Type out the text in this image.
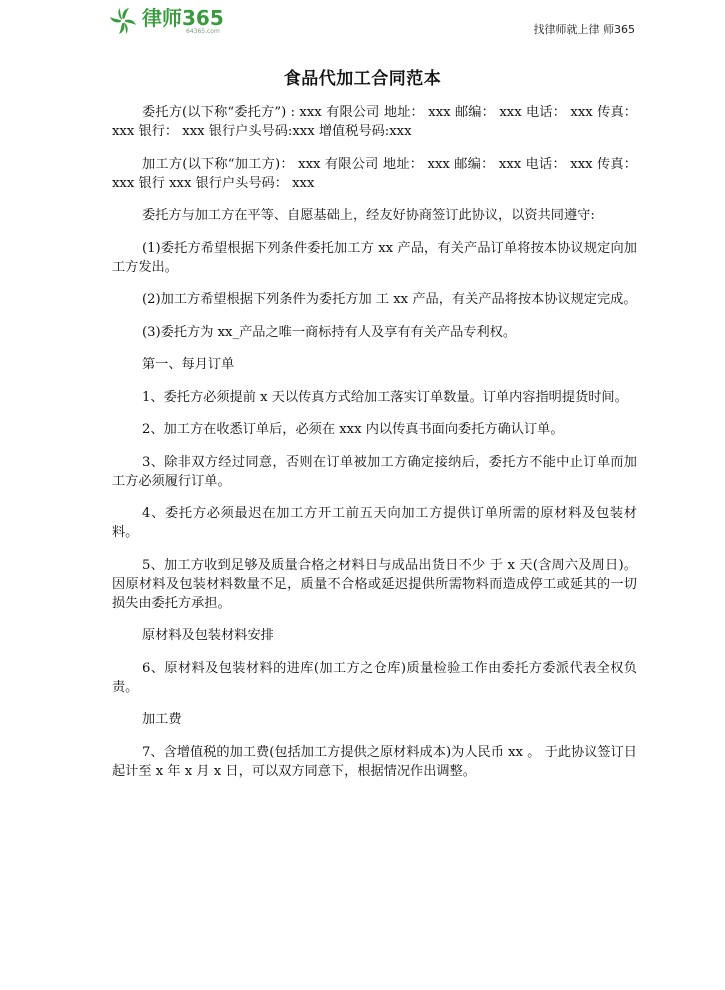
律师365
64365.com	找律师就上律 师365
食品代加工合同范本

委托方(以下称“委托方”) : xxx 有限公司 地址： xxx 邮编： xxx 电话： xxx 传真： xxx 银行： xxx 银行户头号码:xxx 增值税号码:xxx

加工方(以下称“加工方)： xxx 有限公司 地址： xxx 邮编： xxx 电话： xxx 传真： xxx 银行 xxx 银行户头号码： xxx

委托方与加工方在平等、自愿基础上，经友好协商签订此协议，以资共同遵守:

(1)委托方希望根据下列条件委托加工方 xx 产品，有关产品订单将按本协议规定向加工方发出。

(2)加工方希望根据下列条件为委托方加 工 xx 产品，有关产品将按本协议规定完成。

(3)委托方为 xx_产品之唯一商标持有人及享有有关产品专利权。

第一、每月订单

1、委托方必须提前 x 天以传真方式给加工落实订单数量。订单内容指明提货时间。

2、加工方在收悉订单后，必须在 xxx 内以传真书面向委托方确认订单。

3、除非双方经过同意，否则在订单被加工方确定接纳后，委托方不能中止订单而加工方必须履行订单。

4、委托方必须最迟在加工方开工前五天向加工方提供订单所需的原材料及包装材料。

5、加工方收到足够及质量合格之材料日与成品出货日不少 于 x 天(含周六及周日)。因原材料及包装材料数量不足，质量不合格或延迟提供所需物料而造成停工或延其的一切损失由委托方承担。

原材料及包装材料安排

6、原材料及包装材料的进库(加工方之仓库)质量检验工作由委托方委派代表全权负责。

加工费

7、含增值税的加工费(包括加工方提供之原材料成本)为人民币 xx 。 于此协议签订日起计至 x 年 x 月 x 日，可以双方同意下，根据情况作出调整。
